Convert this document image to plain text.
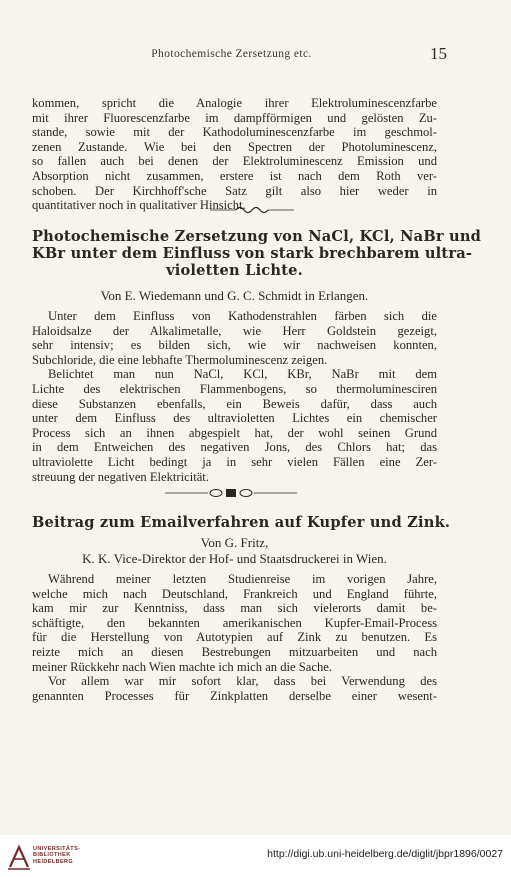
Photochemische Zersetzung etc.	15
kommen, spricht die Analogie ihrer Elektroluminescenzfarbe
mit ihrer Fluorescenzfarbe im dampfförmigen und gelösten Zu-
stande, sowie mit der Kathodoluminescenzfarbe im geschmol-
zenen Zustande. Wie bei den Spectren der Photoluminescenz,
so fallen auch bei denen der Elektroluminescenz Emission und
Absorption nicht zusammen, erstere ist nach dem Roth ver-
schoben. Der Kirchhoff'sche Satz gilt also hier weder in
quantitativer noch in qualitativer Hinsicht.
Photochemische Zersetzung von NaCl, KCl, NaBr und
KBr unter dem Einfluss von stark brechbarem ultra-
violetten Lichte.
Von E. Wiedemann und G. C. Schmidt in Erlangen.
Unter dem Einfluss von Kathodenstrahlen färben sich die
Haloidsalze der Alkalimetalle, wie Herr Goldstein gezeigt,
sehr intensiv; es bilden sich, wie wir nachweisen konnten,
Subchloride, die eine lebhafte Thermoluminescenz zeigen.
Belichtet man nun NaCl, KCl, KBr, NaBr mit dem
Lichte des elektrischen Flammenbogens, so thermoluminesciren
diese Substanzen ebenfalls, ein Beweis dafür, dass auch
unter dem Einfluss des ultravioletten Lichtes ein chemischer
Process sich an ihnen abgespielt hat, der wohl seinen Grund
in dem Entweichen des negativen Jons, des Chlors hat; das
ultraviolette Licht bedingt ja in sehr vielen Fällen eine Zer-
streuung der negativen Elektricität.
Beitrag zum Emailverfahren auf Kupfer und Zink.
Von G. Fritz,
K. K. Vice-Direktor der Hof- und Staatsdruckerei in Wien.
Während meiner letzten Studienreise im vorigen Jahre,
welche mich nach Deutschland, Frankreich und England führte,
kam mir zur Kenntniss, dass man sich vielerorts damit be-
schäftigte, den bekannten amerikanischen Kupfer-Email-Process
für die Herstellung von Autotypien auf Zink zu benutzen. Es
reizte mich an diesen Bestrebungen mitzuarbeiten und nach
meiner Rückkehr nach Wien machte ich mich an die Sache.
Vor allem war mir sofort klar, dass bei Verwendung des
genannten Processes für Zinkplatten derselbe einer wesent-
UNIVERSITÄTS-
BIBLIOTHEK
HEIDELBERG
http://digi.ub.uni-heidelberg.de/diglit/jbpr1896/0027
